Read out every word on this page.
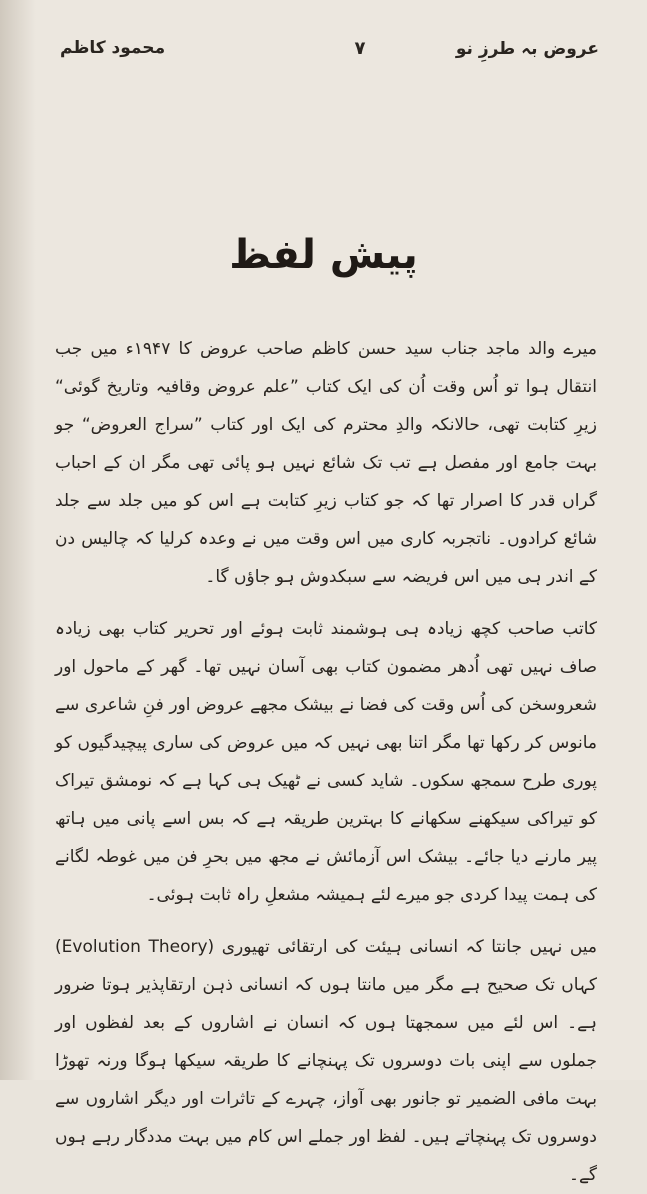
محمود کاظم	۷	عروض بہ طرزِ نو
پیش لفظ

میرے والد ماجد جناب سید حسن کاظم صاحب عروض کا ۱۹۴۷ء میں جب انتقال ہوا تو اُس وقت اُن کی ایک کتاب ”علم عروض وقافیہ وتاریخ گوئی“ زیرِ کتابت تھی، حالانکہ والدِ محترم کی ایک اور کتاب ”سراج العروض“ جو بہت جامع اور مفصل ہے تب تک شائع نہیں ہو پائی تھی مگر ان کے احباب گراں قدر کا اصرار تھا کہ جو کتاب زیرِ کتابت ہے اس کو میں جلد سے جلد شائع کرادوں۔ ناتجربہ کاری میں اس وقت میں نے وعدہ کرلیا کہ چالیس دن کے اندر ہی میں اس فریضہ سے سبکدوش ہو جاؤں گا۔

کاتب صاحب کچھ زیادہ ہی ہوشمند ثابت ہوئے اور تحریر کتاب بھی زیادہ صاف نہیں تھی اُدھر مضمون کتاب بھی آسان نہیں تھا۔ گھر کے ماحول اور شعروسخن کی اُس وقت کی فضا نے بیشک مجھے عروض اور فنِ شاعری سے مانوس کر رکھا تھا مگر اتنا بھی نہیں کہ میں عروض کی ساری پیچیدگیوں کو پوری طرح سمجھ سکوں۔ شاید کسی نے ٹھیک ہی کہا ہے کہ نومشق تیراک کو تیراکی سیکھنے سکھانے کا بہترین طریقہ ہے کہ بس اسے پانی میں ہاتھ پیر مارنے دیا جائے۔ بیشک اس آزمائش نے مجھ میں بحرِ فن میں غوطہ لگانے کی ہمت پیدا کردی جو میرے لئے ہمیشہ مشعلِ راہ ثابت ہوئی۔

میں نہیں جانتا کہ انسانی ہیئت کی ارتقائی تھیوری (Evolution Theory) کہاں تک صحیح ہے مگر میں مانتا ہوں کہ انسانی ذہن ارتقاپذیر ہوتا ضرور ہے۔ اس لئے میں سمجھتا ہوں کہ انسان نے اشاروں کے بعد لفظوں اور جملوں سے اپنی بات دوسروں تک پہنچانے کا طریقہ سیکھا ہوگا ورنہ تھوڑا بہت مافی الضمیر تو جانور بھی آواز، چہرے کے تاثرات اور دیگر اشاروں سے دوسروں تک پہنچاتے ہیں۔ لفظ اور جملے اس کام میں بہت مددگار رہے ہوں گے۔
